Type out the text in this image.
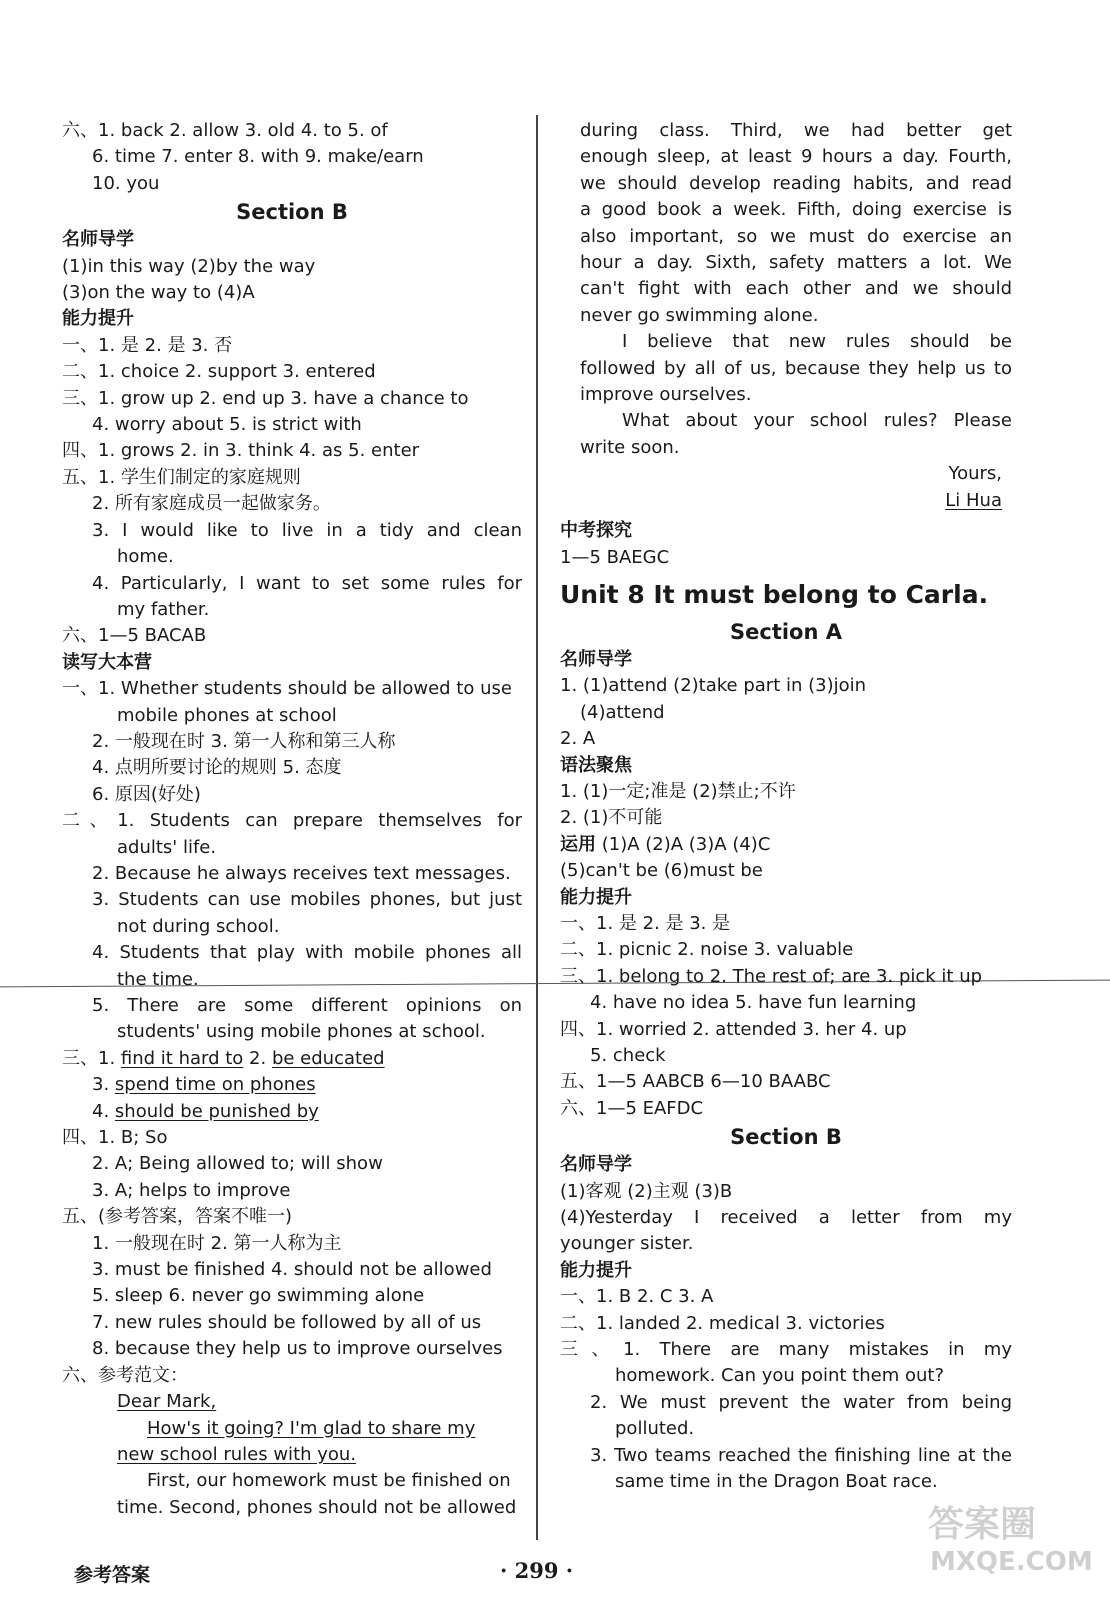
六、1. back 2. allow 3. old 4. to 5. of
6. time 7. enter 8. with 9. make/earn
10. you
Section B
名师导学
(1)in this way (2)by the way
(3)on the way to (4)A
能力提升
一、1. 是 2. 是 3. 否
二、1. choice 2. support 3. entered
三、1. grow up 2. end up 3. have a chance to
4. worry about 5. is strict with
四、1. grows 2. in 3. think 4. as 5. enter
五、1. 学生们制定的家庭规则
2. 所有家庭成员一起做家务。
3. I would like to live in a tidy and clean
home.
4. Particularly, I want to set some rules for
my father.
六、1—5 BACAB
读写大本营
一、1. Whether students should be allowed to use
mobile phones at school
2. 一般现在时 3. 第一人称和第三人称
4. 点明所要讨论的规则 5. 态度
6. 原因(好处)
二、1. Students can prepare themselves for
adults' life.
2. Because he always receives text messages.
3. Students can use mobiles phones, but just
not during school.
4. Students that play with mobile phones all
the time.
5. There are some different opinions on
students' using mobile phones at school.
三、1. find it hard to 2. be educated
3. spend time on phones
4. should be punished by
四、1. B; So
2. A; Being allowed to; will show
3. A; helps to improve
五、(参考答案，答案不唯一)
1. 一般现在时 2. 第一人称为主
3. must be finished 4. should not be allowed
5. sleep 6. never go swimming alone
7. new rules should be followed by all of us
8. because they help us to improve ourselves
六、参考范文：
Dear Mark,
How's it going? I'm glad to share my
new school rules with you.
First, our homework must be finished on
time. Second, phones should not be allowed
during class. Third, we had better get
enough sleep, at least 9 hours a day. Fourth,
we should develop reading habits, and read
a good book a week. Fifth, doing exercise is
also important, so we must do exercise an
hour a day. Sixth, safety matters a lot. We
can't fight with each other and we should
never go swimming alone.
I believe that new rules should be
followed by all of us, because they help us to
improve ourselves.
What about your school rules? Please
write soon.
Yours,
Li Hua
中考探究
1—5 BAEGC
Unit 8 It must belong to Carla.
Section A
名师导学
1. (1)attend (2)take part in (3)join
(4)attend
2. A
语法聚焦
1. (1)一定;准是 (2)禁止;不许
2. (1)不可能
运用 (1)A (2)A (3)A (4)C
(5)can't be (6)must be
能力提升
一、1. 是 2. 是 3. 是
二、1. picnic 2. noise 3. valuable
三、1. belong to 2. The rest of; are 3. pick it up
4. have no idea 5. have fun learning
四、1. worried 2. attended 3. her 4. up
5. check
五、1—5 AABCB 6—10 BAABC
六、1—5 EAFDC
Section B
名师导学
(1)客观 (2)主观 (3)B
(4)Yesterday I received a letter from my
younger sister.
能力提升
一、1. B 2. C 3. A
二、1. landed 2. medical 3. victories
三、1. There are many mistakes in my
homework. Can you point them out?
2. We must prevent the water from being
polluted.
3. Two teams reached the finishing line at the
same time in the Dragon Boat race.
参考答案	· 299 ·
答案圈
MXQE.COM
